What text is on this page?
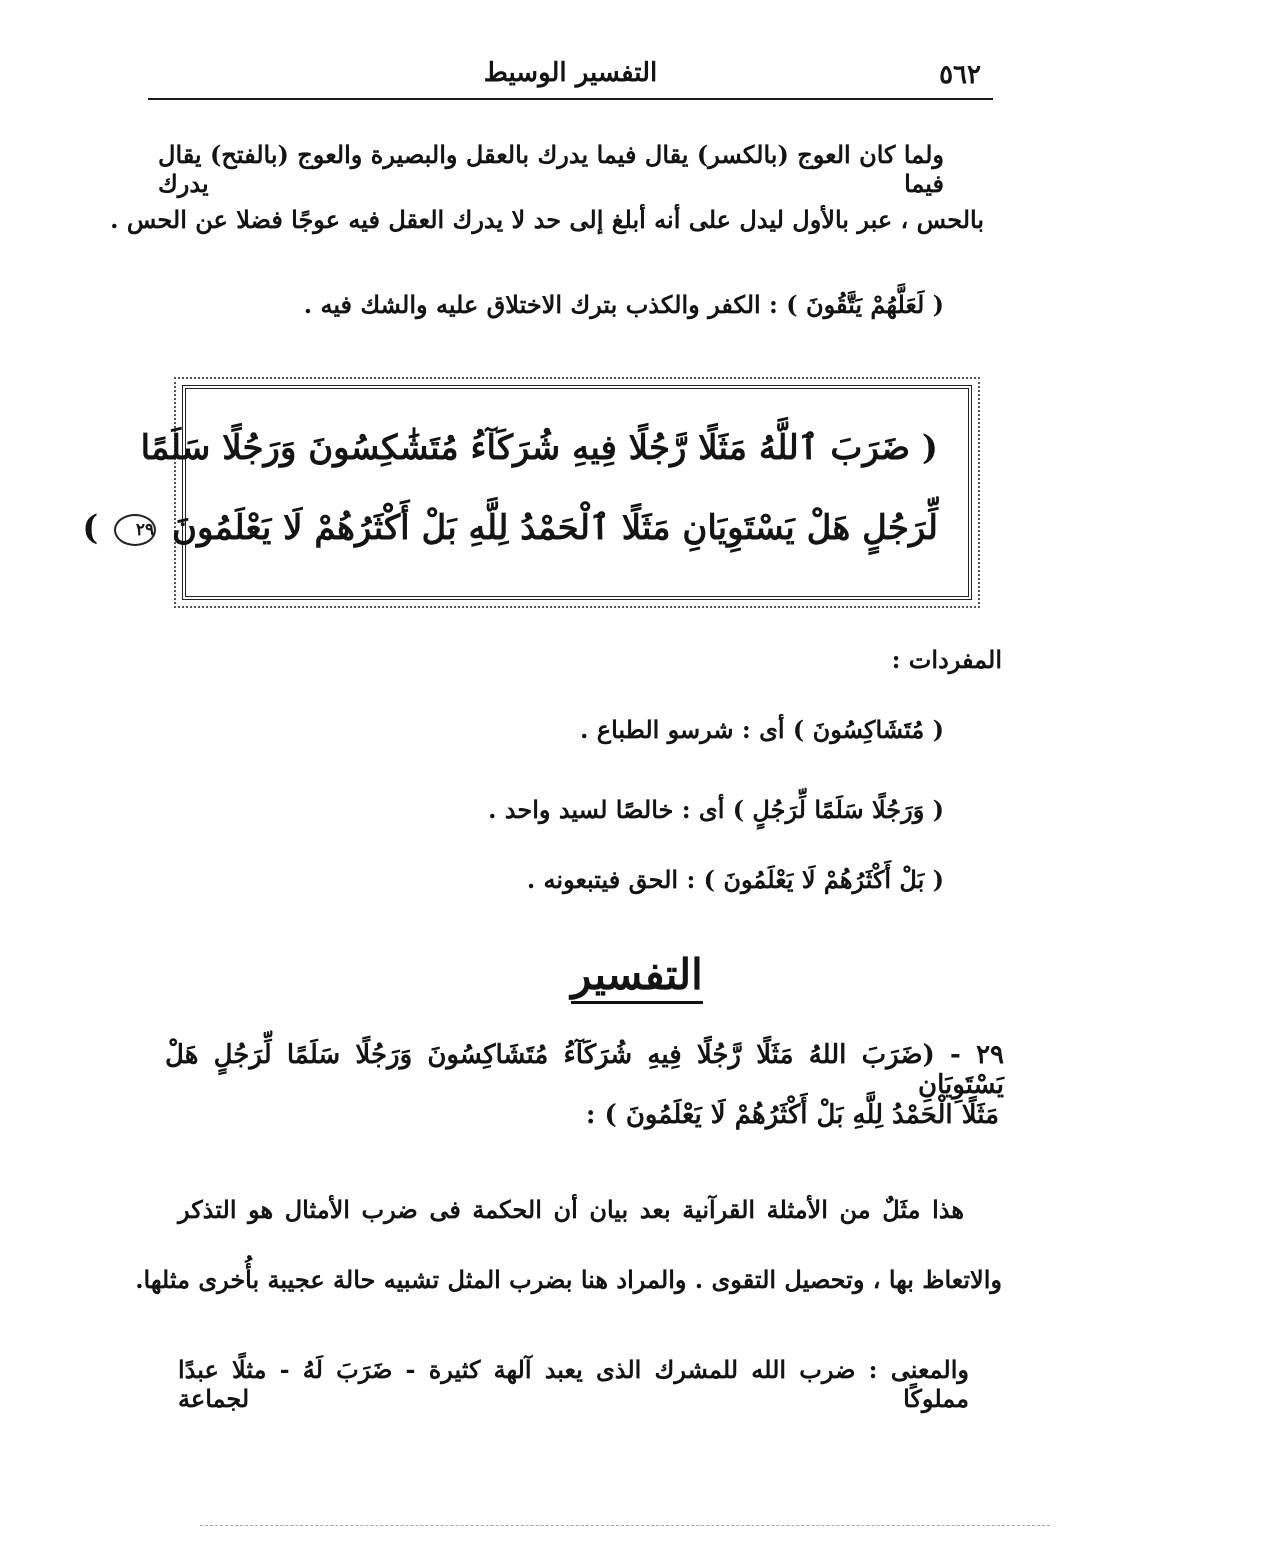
٥٦٢
التفسير الوسيط
ولما كان العوج (بالكسر) يقال فيما يدرك بالعقل والبصيرة والعوج (بالفتح) يقال فيما يدرك
بالحس ، عبر بالأول ليدل على أنه أبلغ إلى حد لا يدرك العقل فيه عوجًا فضلا عن الحس .
( لَعَلَّهُمْ يَتَّقُونَ ) : الكفر والكذب بترك الاختلاق عليه والشك فيه .
( ضَرَبَ ٱللَّهُ مَثَلًا رَّجُلًا فِيهِ شُرَكَآءُ مُتَشَٰكِسُونَ وَرَجُلًا سَلَمًا
لِّرَجُلٍ هَلْ يَسْتَوِيَانِ مَثَلًا ٱلْحَمْدُ لِلَّهِ بَلْ أَكْثَرُهُمْ لَا يَعْلَمُونَ ٢٩ )
المفردات :
( مُتَشَاكِسُونَ ) أى : شرسو الطباع .
( وَرَجُلًا سَلَمًا لِّرَجُلٍ ) أى : خالصًا لسيد واحد .
( بَلْ أَكْثَرُهُمْ لَا يَعْلَمُونَ ) : الحق فيتبعونه .
التفسير
٢٩ - (ضَرَبَ اللهُ مَثَلًا رَّجُلًا فِيهِ شُرَكَآءُ مُتَشَاكِسُونَ وَرَجُلًا سَلَمًا لِّرَجُلٍ هَلْ يَسْتَوِيَانِ
مَثَلًا الْحَمْدُ لِلَّهِ بَلْ أَكْثَرُهُمْ لَا يَعْلَمُونَ ) :
هذا مثَلٌ من الأمثلة القرآنية بعد بيان أن الحكمة فى ضرب الأمثال هو التذكر
والاتعاظ بها ، وتحصيل التقوى . والمراد هنا بضرب المثل تشبيه حالة عجيبة بأُخرى مثلها.
والمعنى : ضرب الله للمشرك الذى يعبد آلهة كثيرة - ضَرَبَ لَهُ - مثلًا عبدًا مملوكًا لجماعة
